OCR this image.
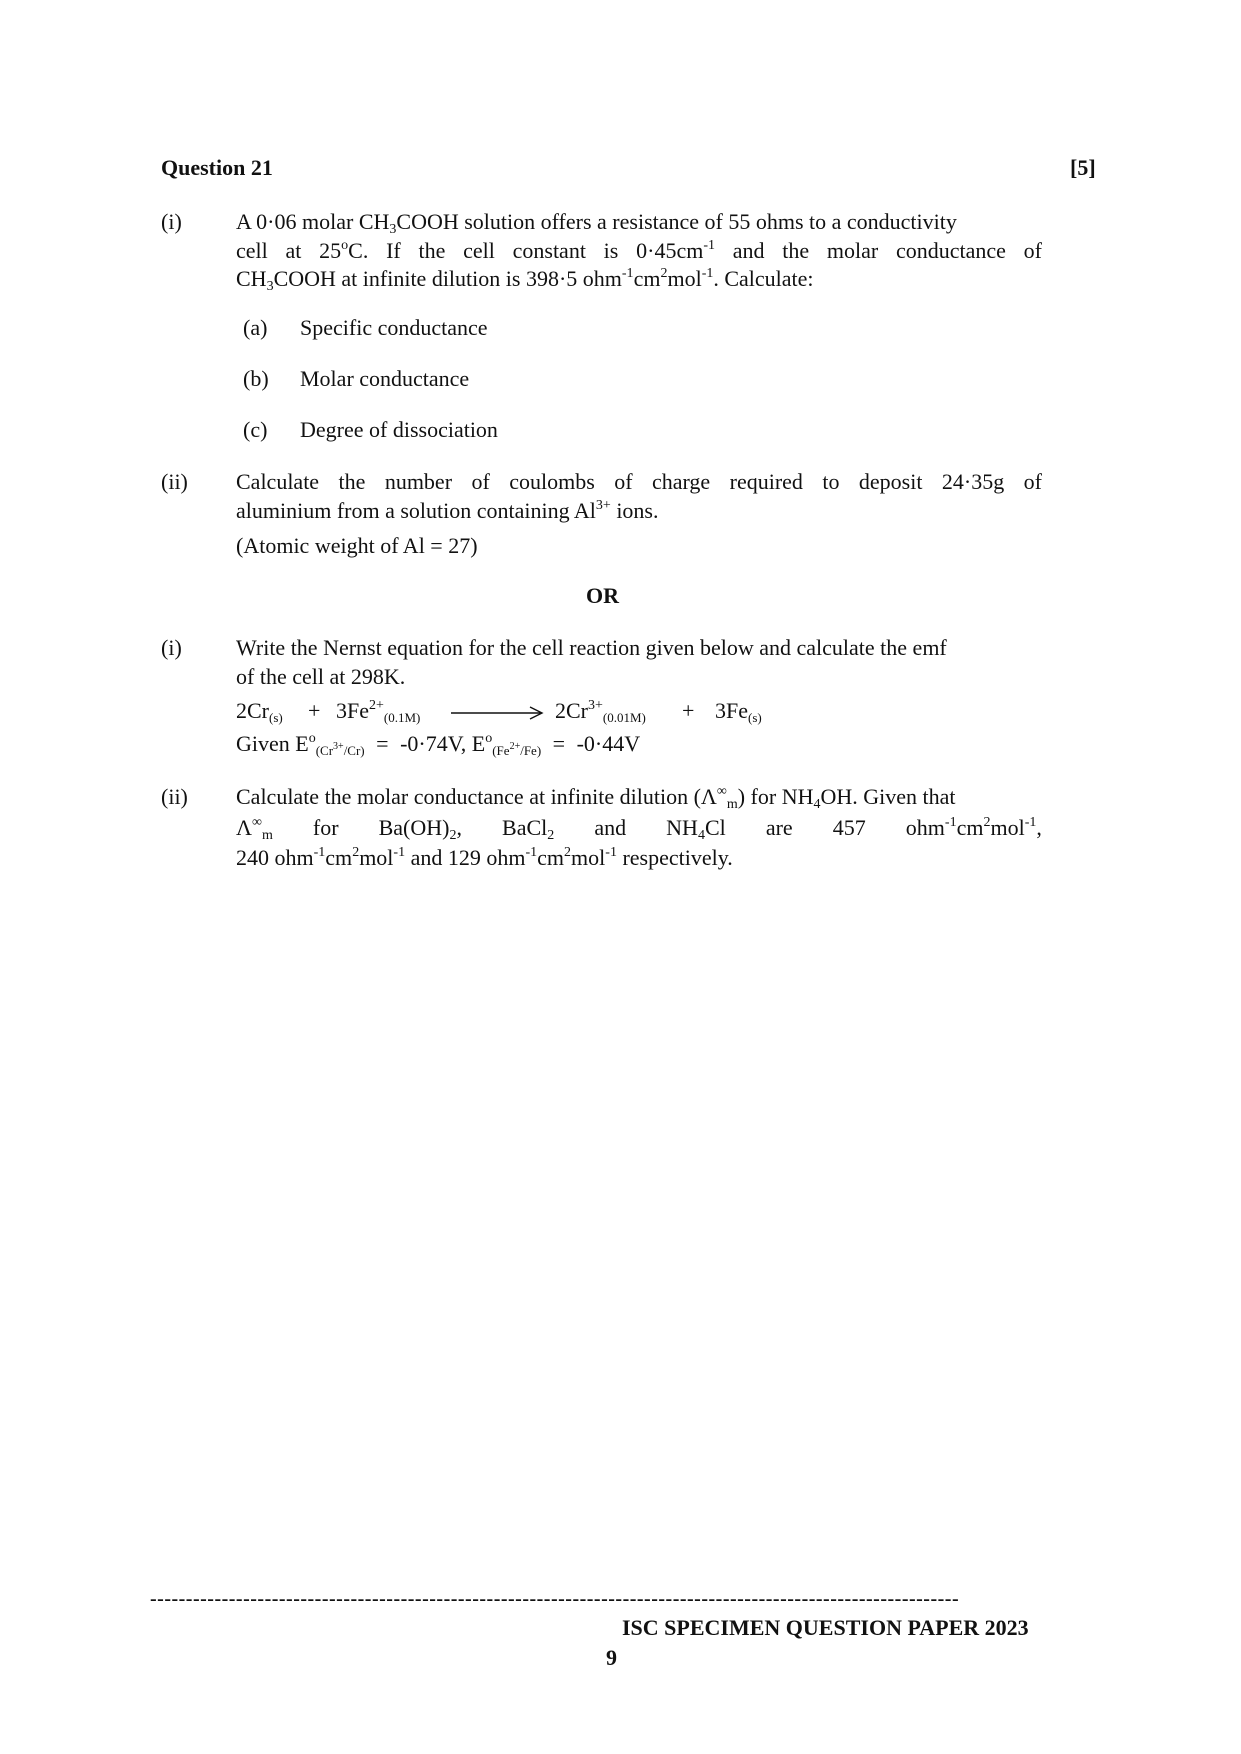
Question 21	[5]
(i) A 0·06 molar $CH_3COOH$ solution offers a resistance of 55 ohms to a conductivity
cell at 25$^o$C. If the cell constant is $0\cdot 45cm^{-1}$ and the molar conductance of
$CH_3COOH$ at infinite dilution is 398·5 $ohm^{-1}cm^2mol^{-1}$. Calculate:
(a) Specific conductance
(b) Molar conductance
(c) Degree of dissociation
(ii) Calculate the number of coulombs of charge required to deposit 24·35g of
aluminium from a solution containing $Al^{3+}$ ions.
(Atomic weight of Al = 27)
OR
(i) Write the Nernst equation for the cell reaction given below and calculate the emf
of the cell at 298K.
$2Cr(s) + 3Fe^{2+}(0.1M)$	$2Cr^{3+}(0.01M) + 3Fe(s)$
Given $E^o(Cr^{3+}/Cr) = -0\cdot 74V$, $E^o(Fe^{2+}/Fe) = -0\cdot 44V$
(ii) Calculate the molar conductance at infinite dilution $(\Lambda^\infty_m)$ for $NH_4OH$. Given that
$\Lambda^\infty_m$ for $Ba(OH)_2$, BaCl$_2$ and $NH_4Cl$ are 457 $ohm^{-1}cm^2mol^{-1}$,
240 $ohm^{-1}cm^2mol^{-1}$ and 129 $ohm^{-1}cm^2mol^{-1}$ respectively.
-----------------------------------------------------------------------------------------------------------------
ISC SPECIMEN QUESTION PAPER 2023
9
